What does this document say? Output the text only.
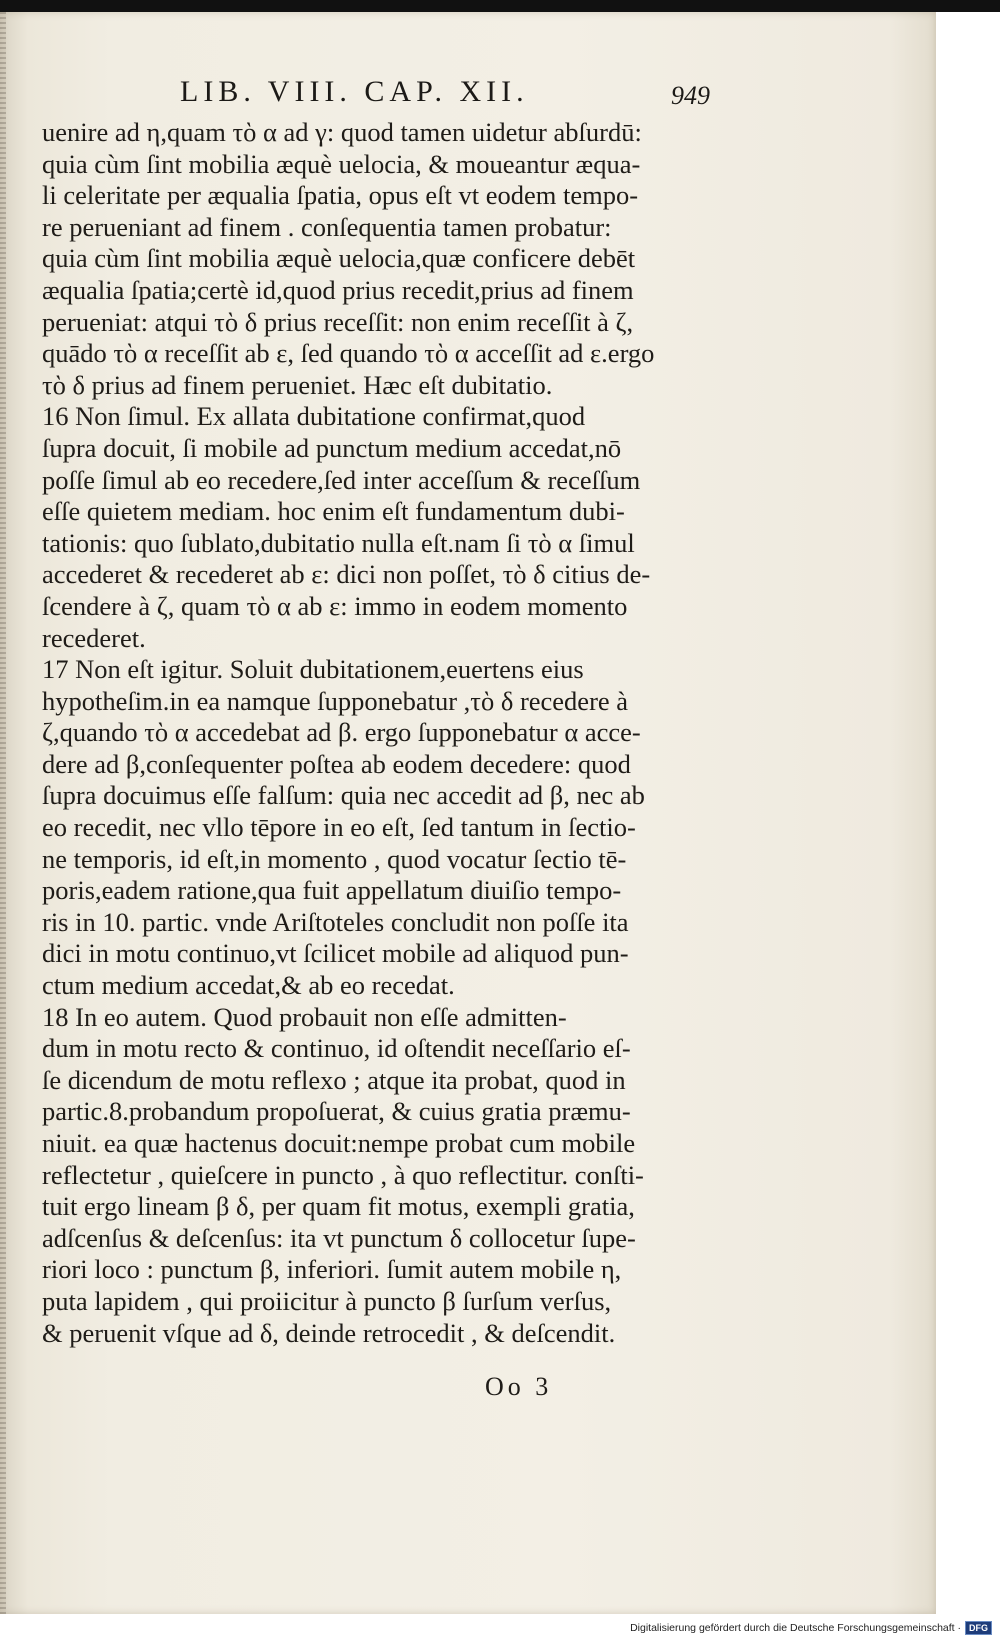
LIB. VIII. CAP. XII.	949
uenire ad η,quam τὸ α ad γ: quod tamen uidetur abſurdū:
quia cùm ſint mobilia æquè uelocia, & moueantur æqua-
li celeritate per æqualia ſpatia, opus eſt vt eodem tempo-
re perueniant ad finem . conſequentia tamen probatur:
quia cùm ſint mobilia æquè uelocia,quæ conficere debēt
æqualia ſpatia;certè id,quod prius recedit,prius ad finem
perueniat: atqui τὸ δ prius receſſit: non enim receſſit à ζ,
quādo τὸ α receſſit ab ε, ſed quando τὸ α acceſſit ad ε.ergo
τὸ δ prius ad finem perueniet. Hæc eſt dubitatio.
16 Non ſimul. Ex allata dubitatione confirmat,quod
ſupra docuit, ſi mobile ad punctum medium accedat,nō
poſſe ſimul ab eo recedere,ſed inter acceſſum & receſſum
eſſe quietem mediam. hoc enim eſt fundamentum dubi-
tationis: quo ſublato,dubitatio nulla eſt.nam ſi τὸ α ſimul
accederet & recederet ab ε: dici non poſſet, τὸ δ citius de-
ſcendere à ζ, quam τὸ α ab ε: immo in eodem momento
recederet.
17 Non eſt igitur. Soluit dubitationem,euertens eius
hypotheſim.in ea namque ſupponebatur ,τὸ δ recedere à
ζ,quando τὸ α accedebat ad β. ergo ſupponebatur α acce-
dere ad β,conſequenter poſtea ab eodem decedere: quod
ſupra docuimus eſſe falſum: quia nec accedit ad β, nec ab
eo recedit, nec vllo tēpore in eo eſt, ſed tantum in ſectio-
ne temporis, id eſt,in momento , quod vocatur ſectio tē-
poris,eadem ratione,qua fuit appellatum diuiſio tempo-
ris in 10. partic. vnde Ariſtoteles concludit non poſſe ita
dici in motu continuo,vt ſcilicet mobile ad aliquod pun-
ctum medium accedat,& ab eo recedat.
18 In eo autem. Quod probauit non eſſe admitten-
dum in motu recto & continuo, id oſtendit neceſſario eſ-
ſe dicendum de motu reflexo ; atque ita probat, quod in
partic.8.probandum propoſuerat, & cuius gratia præmu-
niuit. ea quæ hactenus docuit:nempe probat cum mobile
reflectetur , quieſcere in puncto , à quo reflectitur. conſti-
tuit ergo lineam β δ, per quam fit motus, exempli gratia,
adſcenſus & deſcenſus: ita vt punctum δ collocetur ſupe-
riori loco : punctum β, inferiori. ſumit autem mobile η,
puta lapidem , qui proiicitur à puncto β ſurſum verſus,
& peruenit vſque ad δ, deinde retrocedit , & deſcendit.
Oo 3
Digitalisierung gefördert durch die Deutsche Forschungsgemeinschaft · DFG
